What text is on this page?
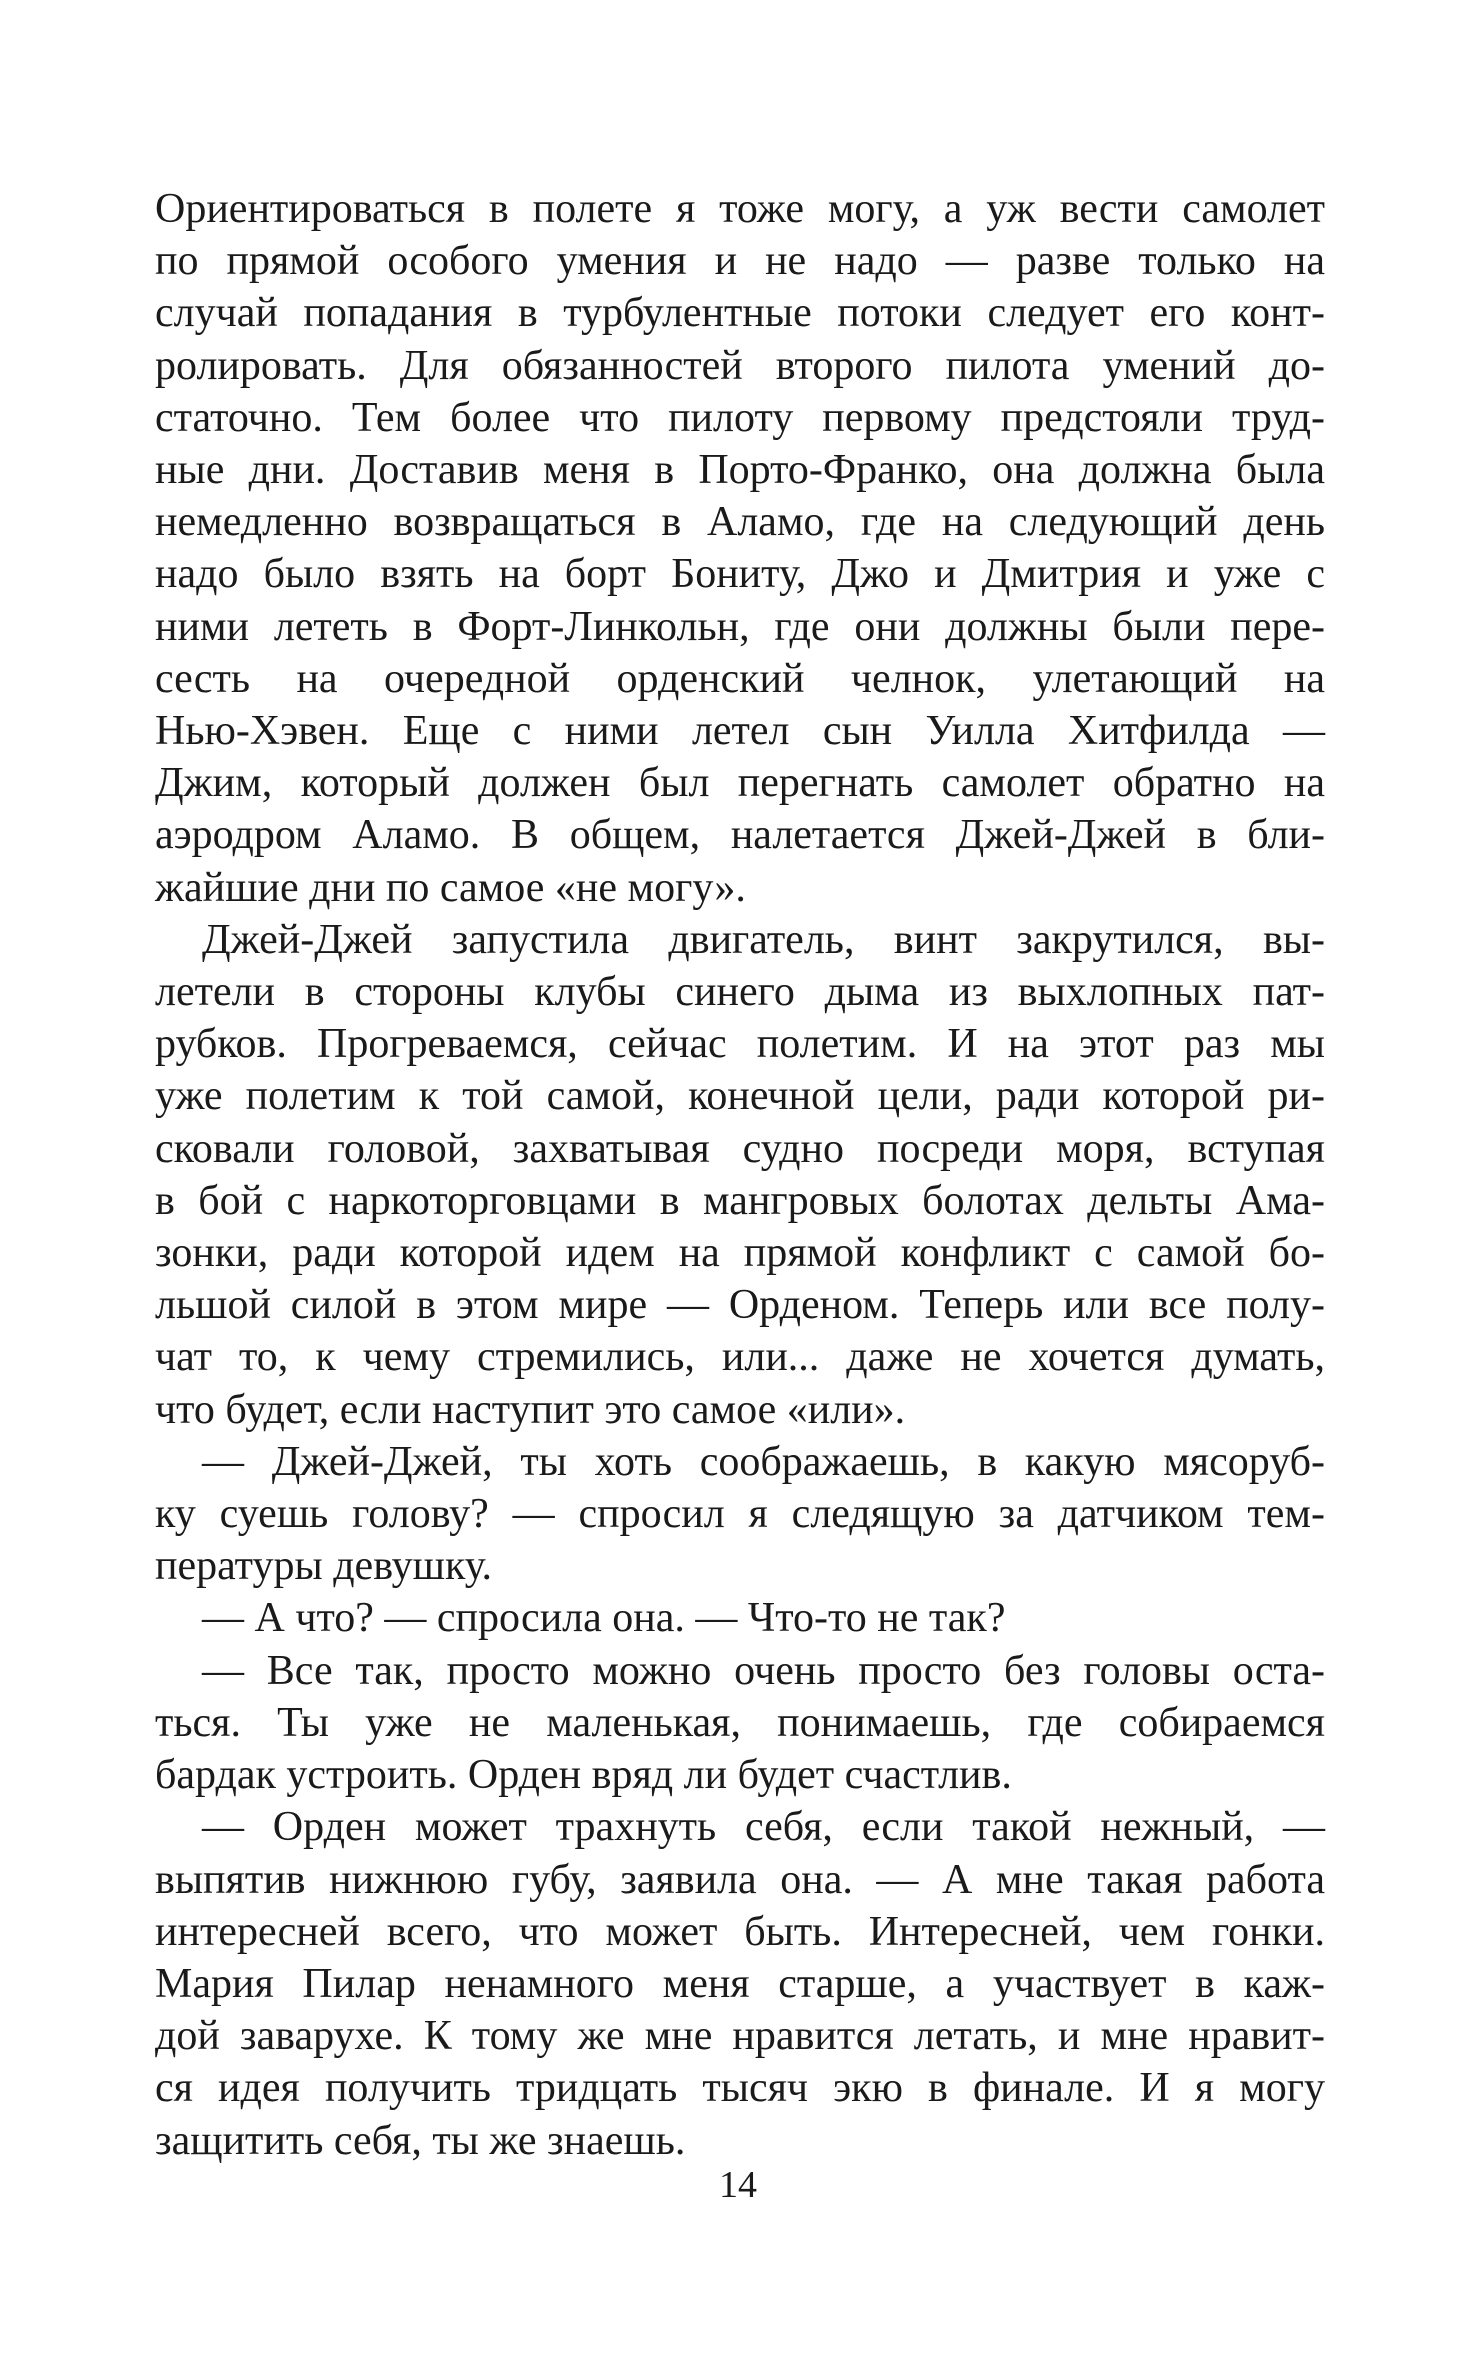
Ориентироваться в полете я тоже могу, а уж вести самолет
по прямой особого умения и не надо — разве только на
случай попадания в турбулентные потоки следует его конт-
ролировать. Для обязанностей второго пилота умений до-
статочно. Тем более что пилоту первому предстояли труд-
ные дни. Доставив меня в Порто-Франко, она должна была
немедленно возвращаться в Аламо, где на следующий день
надо было взять на борт Бониту, Джо и Дмитрия и уже с
ними лететь в Форт-Линкольн, где они должны были пере-
сесть на очередной орденский челнок, улетающий на
Нью-Хэвен. Еще с ними летел сын Уилла Хитфилда —
Джим, который должен был перегнать самолет обратно на
аэродром Аламо. В общем, налетается Джей-Джей в бли-
жайшие дни по самое «не могу».
Джей-Джей запустила двигатель, винт закрутился, вы-
летели в стороны клубы синего дыма из выхлопных пат-
рубков. Прогреваемся, сейчас полетим. И на этот раз мы
уже полетим к той самой, конечной цели, ради которой ри-
сковали головой, захватывая судно посреди моря, вступая
в бой с наркоторговцами в мангровых болотах дельты Ама-
зонки, ради которой идем на прямой конфликт с самой бо-
льшой силой в этом мире — Орденом. Теперь или все полу-
чат то, к чему стремились, или... даже не хочется думать,
что будет, если наступит это самое «или».
— Джей-Джей, ты хоть соображаешь, в какую мясоруб-
ку суешь голову? — спросил я следящую за датчиком тем-
пературы девушку.
— А что? — спросила она. — Что-то не так?
— Все так, просто можно очень просто без головы оста-
ться. Ты уже не маленькая, понимаешь, где собираемся
бардак устроить. Орден вряд ли будет счастлив.
— Орден может трахнуть себя, если такой нежный, —
выпятив нижнюю губу, заявила она. — А мне такая работа
интересней всего, что может быть. Интересней, чем гонки.
Мария Пилар ненамного меня старше, а участвует в каж-
дой заварухе. К тому же мне нравится летать, и мне нравит-
ся идея получить тридцать тысяч экю в финале. И я могу
защитить себя, ты же знаешь.
14
